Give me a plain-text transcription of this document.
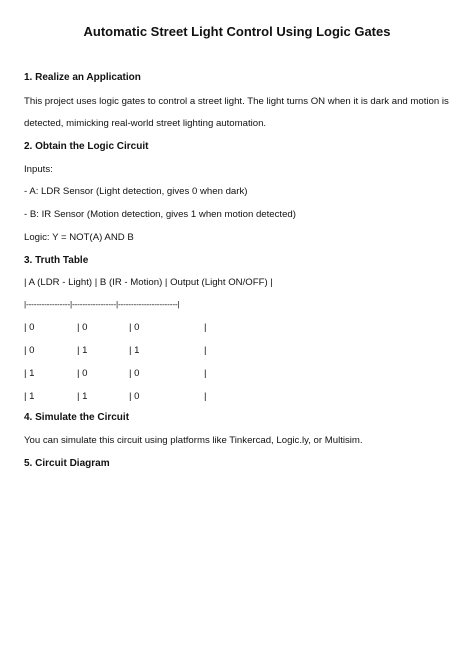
Automatic Street Light Control Using Logic Gates
1. Realize an Application
This project uses logic gates to control a street light. The light turns ON when it is dark and motion is
detected, mimicking real-world street lighting automation.
2. Obtain the Logic Circuit
Inputs:
- A: LDR Sensor (Light detection, gives 0 when dark)
- B: IR Sensor (Motion detection, gives 1 when motion detected)
Logic: Y = NOT(A) AND B
3. Truth Table
| A (LDR - Light) | B (IR - Motion) | Output (Light ON/OFF) |
|-----------------|-----------------|-----------------------|
| 0	| 0	| 0	|
| 0	| 1	| 1	|
| 1	| 0	| 0	|
| 1	| 1	| 0	|
4. Simulate the Circuit
You can simulate this circuit using platforms like Tinkercad, Logic.ly, or Multisim.
5. Circuit Diagram
